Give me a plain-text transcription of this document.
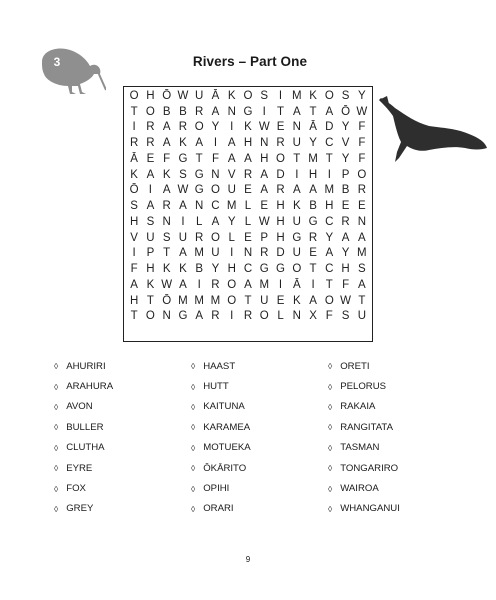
3	Rivers – Part One
O H Ō W U Ā K O S I M K O S Y
T O B B R A N G I T A T A Ō W
I R A R O Y I K W E N Ā D Y F
R R A K A I A H N R U Y C V F
Ā E F G T F A A H O T M T Y F
K A K S G N V R A D I H I P O
Ō I A W G O U E A R A A M B R
S A R A N C M L E H K B H E E
H S N I L A Y L W H U G C R N
V U S U R O L E P H G R Y A A
I P T A M U I N R D U E A Y M
F H K K B Y H C G G O T C H S
A K W A I R O A M I Ā I T F A
H T Ō M M M O T U E K A O W T
T O N G A R I R O L N X F S U
◊ AHURIRI
◊ ARAHURA
◊ AVON
◊ BULLER
◊ CLUTHA
◊ EYRE
◊ FOX
◊ GREY
◊ HAAST
◊ HUTT
◊ KAITUNA
◊ KARAMEA
◊ MOTUEKA
◊ ŌKĀRITO
◊ OPIHI
◊ ORARI
◊ ORETI
◊ PELORUS
◊ RAKAIA
◊ RANGITATA
◊ TASMAN
◊ TONGARIRO
◊ WAIROA
◊ WHANGANUI
9
